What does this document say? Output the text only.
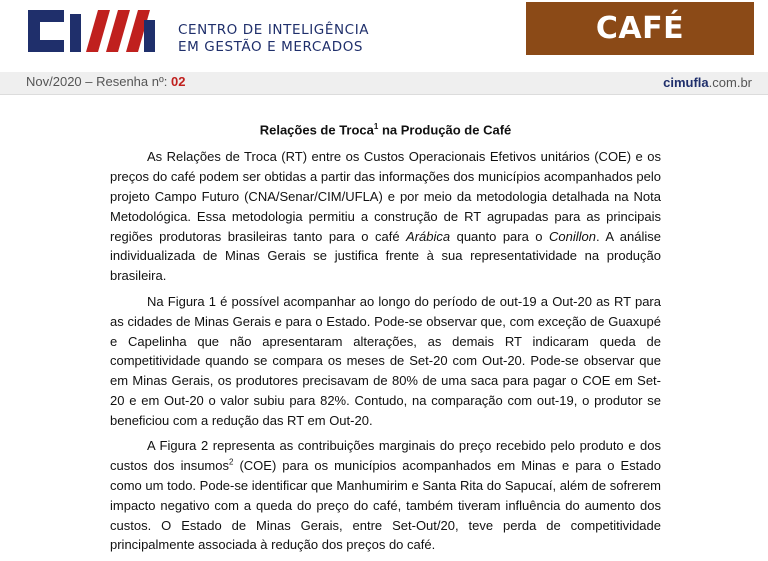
CENTRO DE INTELIGÊNCIA
EM GESTÃO E MERCADOS
CAFÉ
Nov/2020 – Resenha nº: 02	cimufla.com.br
Relações de Troca$^1$ na Produção de Café

As Relações de Troca (RT) entre os Custos Operacionais Efetivos unitários (COE) e os preços do café podem ser obtidas a partir das informações dos municípios acompanhados pelo projeto Campo Futuro (CNA/Senar/CIM/UFLA) e por meio da metodologia detalhada na Nota Metodológica. Essa metodologia permitiu a construção de RT agrupadas para as principais regiões produtoras brasileiras tanto para o café Arábica quanto para o Conillon. A análise individualizada de Minas Gerais se justifica frente à sua representatividade na produção brasileira.

Na Figura 1 é possível acompanhar ao longo do período de out-19 a Out-20 as RT para as cidades de Minas Gerais e para o Estado. Pode-se observar que, com exceção de Guaxupé e Capelinha que não apresentaram alterações, as demais RT indicaram queda de competitividade quando se compara os meses de Set-20 com Out-20. Pode-se observar que em Minas Gerais, os produtores precisavam de 80% de uma saca para pagar o COE em Set-20 e em Out-20 o valor subiu para 82%. Contudo, na comparação com out-19, o produtor se beneficiou com a redução das RT em Out-20.

A Figura 2 representa as contribuições marginais do preço recebido pelo produto e dos custos dos insumos$^2$ (COE) para os municípios acompanhados em Minas e para o Estado como um todo. Pode-se identificar que Manhumirim e Santa Rita do Sapucaí, além de sofrerem impacto negativo com a queda do preço do café, também tiveram influência do aumento dos custos. O Estado de Minas Gerais, entre Set-Out/20, teve perda de competitividade principalmente associada à redução dos preços do café.
